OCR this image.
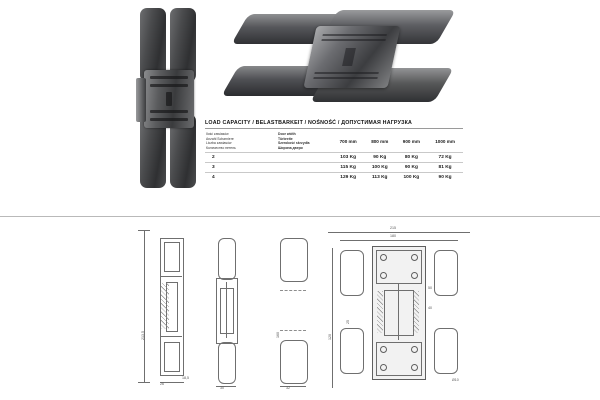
LOAD CAPACITY / BELASTBARKEIT / NOŚNOŚĆ / ДОПУСТИМАЯ НАГРУЗКА
Ilość zawiasów
Anzahl Scharniere
Liczba zawiasów
Количество петель

Door width
Türbreite
Szerokość skrzydła
Ширина двери
	700 mm	800 mm	900 mm	1000 mm
2		103 Kg	90 Kg	80 Kg	72 Kg
3		115 Kg	100 Kg	90 Kg	81 Kg
4		129 Kg	113 Kg	100 Kg	90 Kg
213,5
26
18,5
30	32
160
215
180
120
25
50
40
Ø10
